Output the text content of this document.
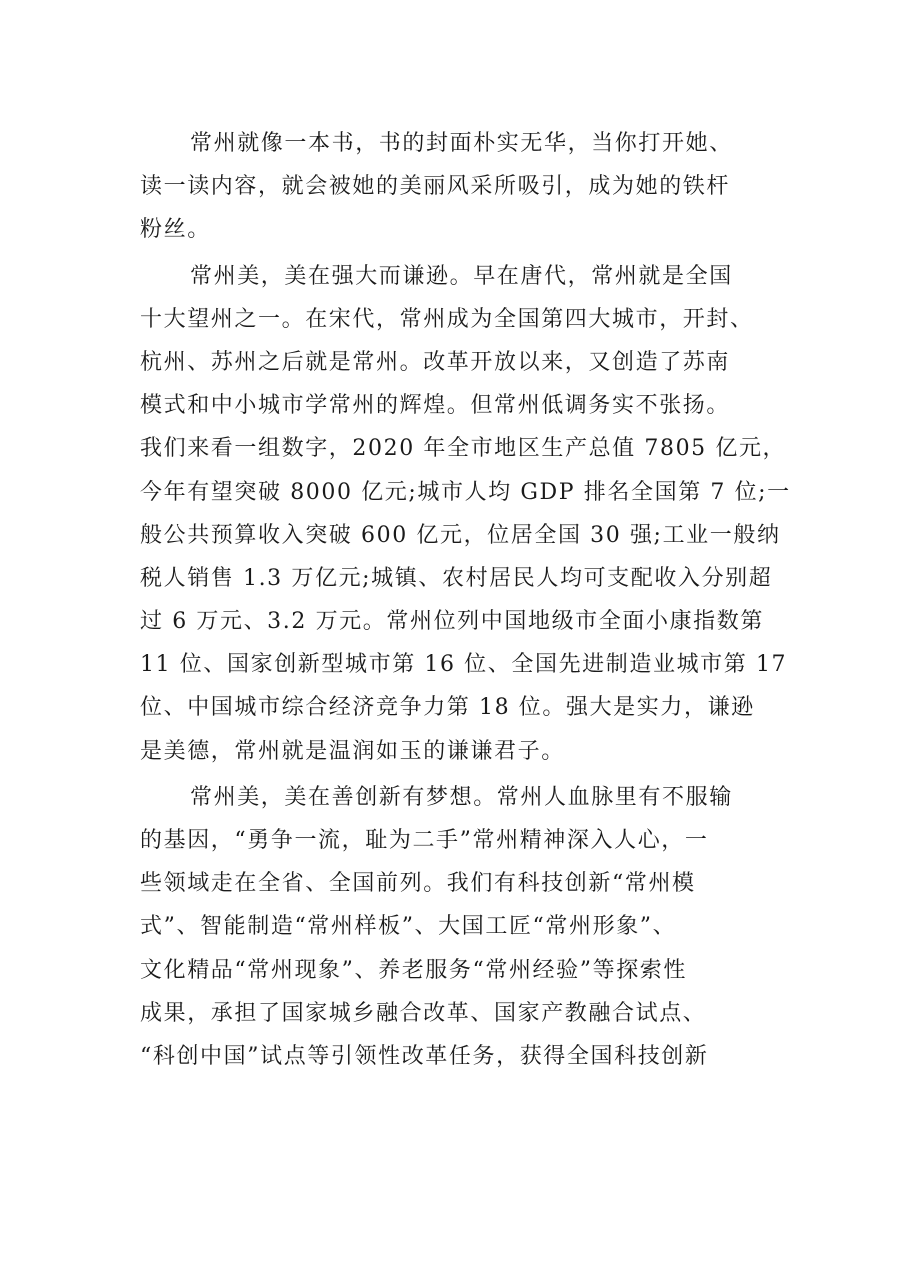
常州就像一本书，书的封面朴实无华，当你打开她、
读一读内容，就会被她的美丽风采所吸引，成为她的铁杆
粉丝。
常州美，美在强大而谦逊。早在唐代，常州就是全国
十大望州之一。在宋代，常州成为全国第四大城市，开封、
杭州、苏州之后就是常州。改革开放以来，又创造了苏南
模式和中小城市学常州的辉煌。但常州低调务实不张扬。
我们来看一组数字，2020 年全市地区生产总值 7805 亿元，
今年有望突破 8000 亿元;城市人均 GDP 排名全国第 7 位;一
般公共预算收入突破 600 亿元，位居全国 30 强;工业一般纳
税人销售 1.3 万亿元;城镇、农村居民人均可支配收入分别超
过 6 万元、3.2 万元。常州位列中国地级市全面小康指数第
11 位、国家创新型城市第 16 位、全国先进制造业城市第 17
位、中国城市综合经济竞争力第 18 位。强大是实力，谦逊
是美德，常州就是温润如玉的谦谦君子。
常州美，美在善创新有梦想。常州人血脉里有不服输
的基因，“勇争一流，耻为二手”常州精神深入人心，一
些领域走在全省、全国前列。我们有科技创新“常州模
式”、智能制造“常州样板”、大国工匠“常州形象”、
文化精品“常州现象”、养老服务“常州经验”等探索性
成果，承担了国家城乡融合改革、国家产教融合试点、
“科创中国”试点等引领性改革任务，获得全国科技创新
